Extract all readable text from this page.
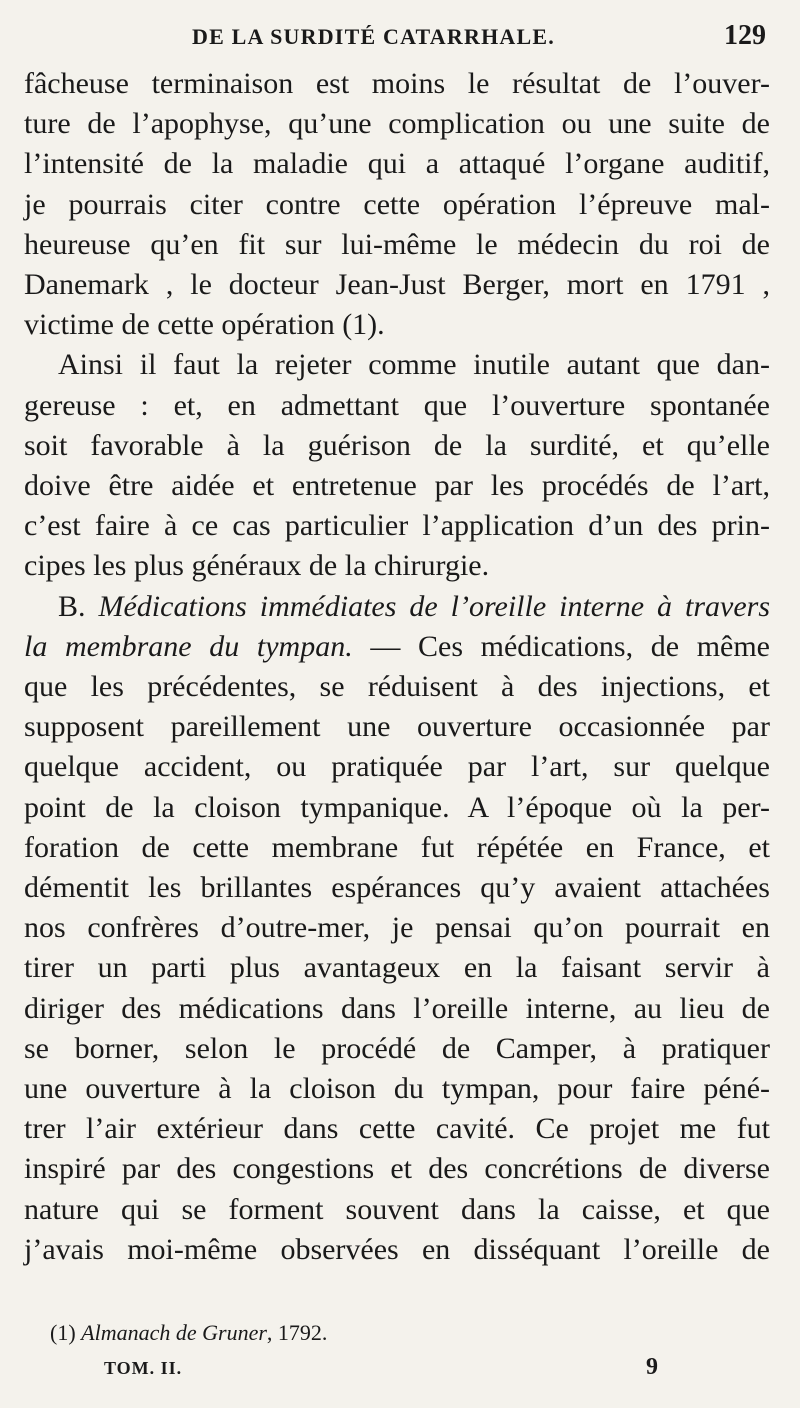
DE LA SURDITÉ CATARRHALE.	129
fâcheuse terminaison est moins le résultat de l’ouver-
ture de l’apophyse, qu’une complication ou une suite de
l’intensité de la maladie qui a attaqué l’organe auditif,
je pourrais citer contre cette opération l’épreuve mal-
heureuse qu’en fit sur lui-même le médecin du roi de
Danemark , le docteur Jean-Just Berger, mort en 1791 ,
victime de cette opération (1).
Ainsi il faut la rejeter comme inutile autant que dan-
gereuse : et, en admettant que l’ouverture spontanée
soit favorable à la guérison de la surdité, et qu’elle
doive être aidée et entretenue par les procédés de l’art,
c’est faire à ce cas particulier l’application d’un des prin-
cipes les plus généraux de la chirurgie.
B. Médications immédiates de l’oreille interne à travers
la membrane du tympan. — Ces médications, de même
que les précédentes, se réduisent à des injections, et
supposent pareillement une ouverture occasionnée par
quelque accident, ou pratiquée par l’art, sur quelque
point de la cloison tympanique. A l’époque où la per-
foration de cette membrane fut répétée en France, et
démentit les brillantes espérances qu’y avaient attachées
nos confrères d’outre-mer, je pensai qu’on pourrait en
tirer un parti plus avantageux en la faisant servir à
diriger des médications dans l’oreille interne, au lieu de
se borner, selon le procédé de Camper, à pratiquer
une ouverture à la cloison du tympan, pour faire péné-
trer l’air extérieur dans cette cavité. Ce projet me fut
inspiré par des congestions et des concrétions de diverse
nature qui se forment souvent dans la caisse, et que
j’avais moi-même observées en disséquant l’oreille de
(1) Almanach de Gruner, 1792.
TOM. II.	9
